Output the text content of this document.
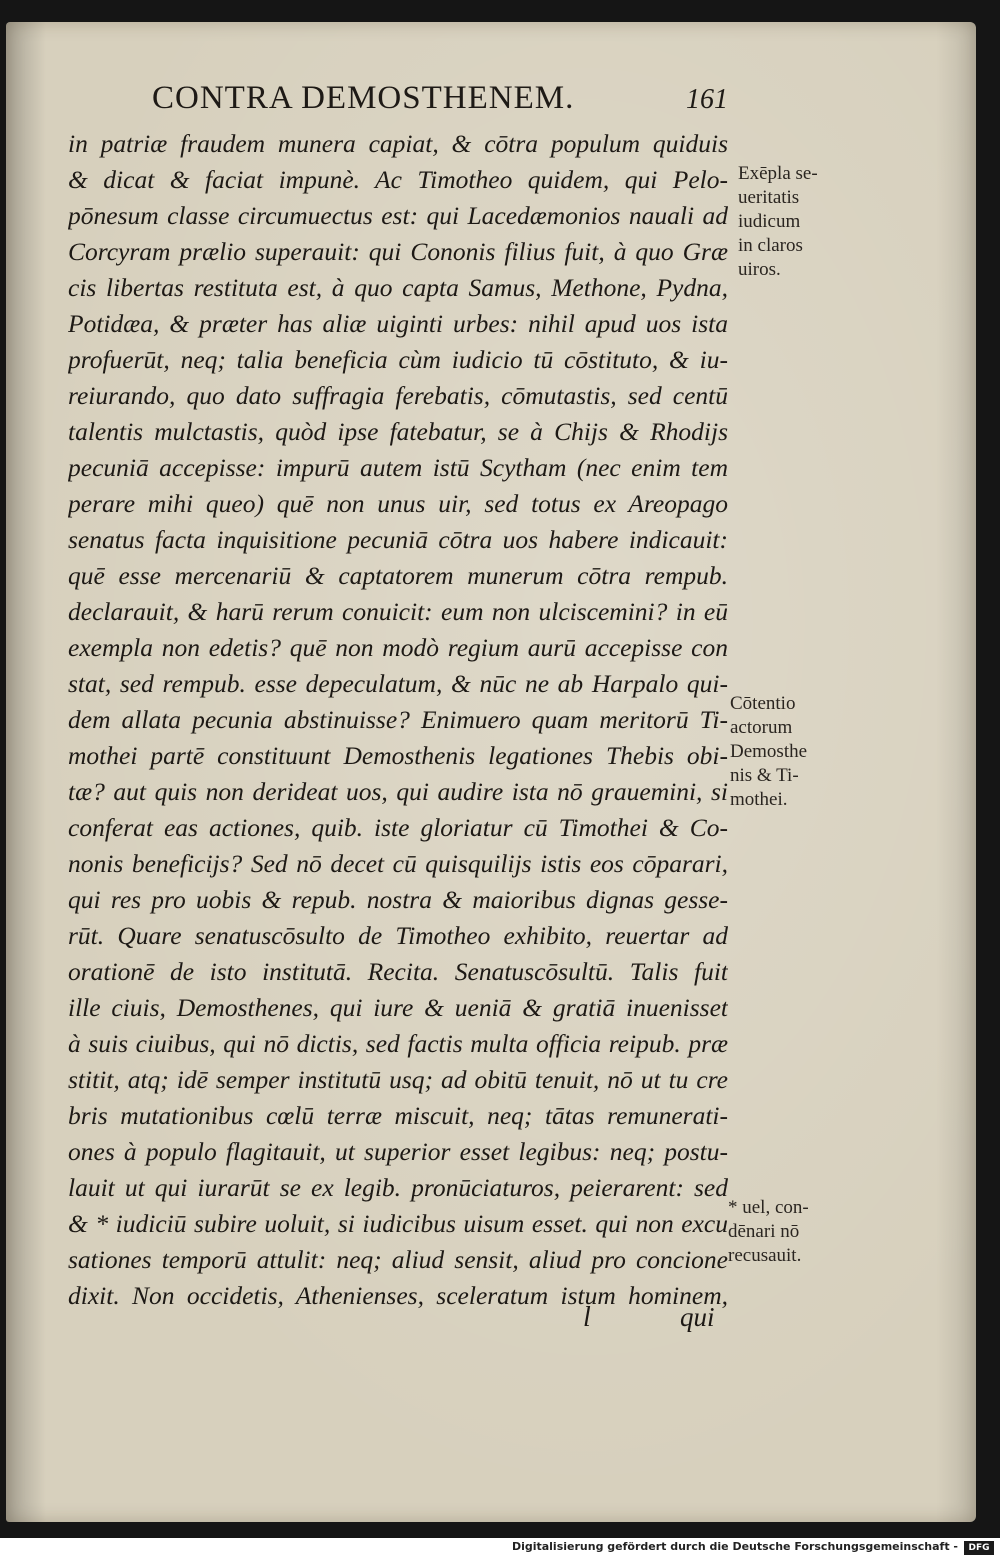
CONTRA DEMOSTHENEM.	161
in patriæ fraudem munera capiat, & cōtra populum quiduis
& dicat & faciat impunè. Ac Timotheo quidem, qui Pelo-
pōnesum classe circumuectus est: qui Lacedæmonios nauali ad
Corcyram prælio superauit: qui Cononis filius fuit, à quo Græ
cis libertas restituta est, à quo capta Samus, Methone, Pydna,
Potidæa, & præter has aliæ uiginti urbes: nihil apud uos ista
profuerūt, neq; talia beneficia cùm iudicio tū cōstituto, & iu-
reiurando, quo dato suffragia ferebatis, cōmutastis, sed centū
talentis mulctastis, quòd ipse fatebatur, se à Chijs & Rhodijs
pecuniā accepisse: impurū autem istū Scytham (nec enim tem
perare mihi queo) quē non unus uir, sed totus ex Areopago
senatus facta inquisitione pecuniā cōtra uos habere indicauit:
quē esse mercenariū & captatorem munerum cōtra rempub.
declarauit, & harū rerum conuicit: eum non ulciscemini? in eū
exempla non edetis? quē non modò regium aurū accepisse con
stat, sed rempub. esse depeculatum, & nūc ne ab Harpalo qui-
dem allata pecunia abstinuisse? Enimuero quam meritorū Ti-
mothei partē constituunt Demosthenis legationes Thebis obi-
tæ? aut quis non derideat uos, qui audire ista nō grauemini, si
conferat eas actiones, quib. iste gloriatur cū Timothei & Co-
nonis beneficijs? Sed nō decet cū quisquilijs istis eos cōparari,
qui res pro uobis & repub. nostra & maioribus dignas gesse-
rūt. Quare senatuscōsulto de Timotheo exhibito, reuertar ad
orationē de isto institutā. Recita. Senatuscōsultū. Talis fuit
ille ciuis, Demosthenes, qui iure & ueniā & gratiā inuenisset
à suis ciuibus, qui nō dictis, sed factis multa officia reipub. præ
stitit, atq; idē semper institutū usq; ad obitū tenuit, nō ut tu cre
bris mutationibus cœlū terræ miscuit, neq; tātas remunerati-
ones à populo flagitauit, ut superior esset legibus: neq; postu-
lauit ut qui iurarūt se ex legib. pronūciaturos, peierarent: sed
& * iudiciū subire uoluit, si iudicibus uisum esset. qui non excu
sationes temporū attulit: neq; aliud sensit, aliud pro concione
dixit. Non occidetis, Athenienses, sceleratum istum hominem,
Exēpla se-
ueritatis
iudicum
in claros
uiros.
Cōtentio
actorum
Demosthe
nis & Ti-
mothei.
* uel, con-
dēnari nō
recusauit.
l	qui
Digitalisierung gefördert durch die Deutsche Forschungsgemeinschaft -	DFG
